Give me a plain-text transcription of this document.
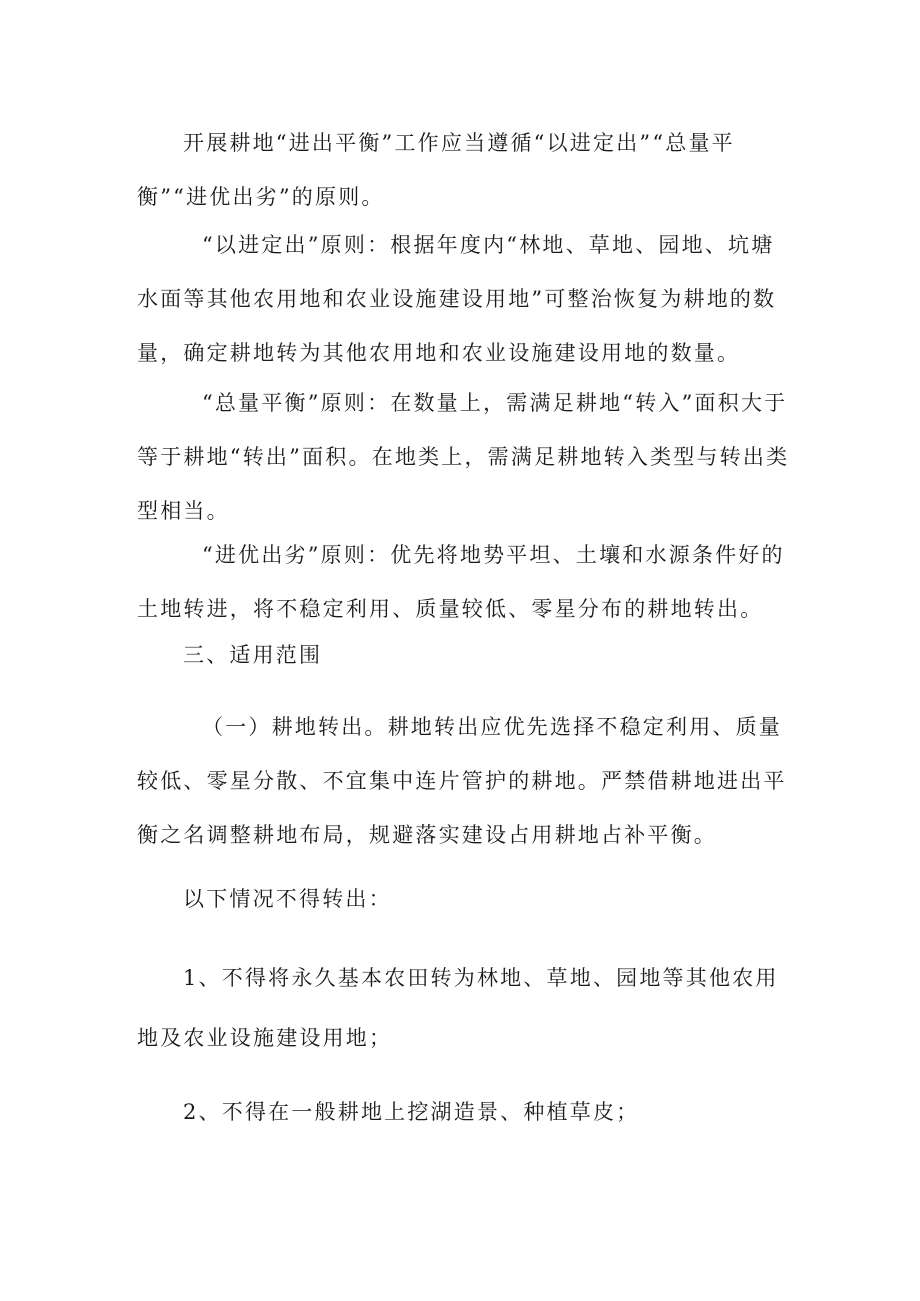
开展耕地“进出平衡”工作应当遵循“以进定出”“总量平衡”“进优出劣”的原则。

“以进定出”原则：根据年度内“林地、草地、园地、坑塘水面等其他农用地和农业设施建设用地”可整治恢复为耕地的数量，确定耕地转为其他农用地和农业设施建设用地的数量。

“总量平衡”原则：在数量上，需满足耕地“转入”面积大于等于耕地“转出”面积。在地类上，需满足耕地转入类型与转出类型相当。

“进优出劣”原则：优先将地势平坦、土壤和水源条件好的土地转进，将不稳定利用、质量较低、零星分布的耕地转出。

三、适用范围

（一）耕地转出。耕地转出应优先选择不稳定利用、质量较低、零星分散、不宜集中连片管护的耕地。严禁借耕地进出平衡之名调整耕地布局，规避落实建设占用耕地占补平衡。

以下情况不得转出：

1、不得将永久基本农田转为林地、草地、园地等其他农用地及农业设施建设用地；

2、不得在一般耕地上挖湖造景、种植草皮；
